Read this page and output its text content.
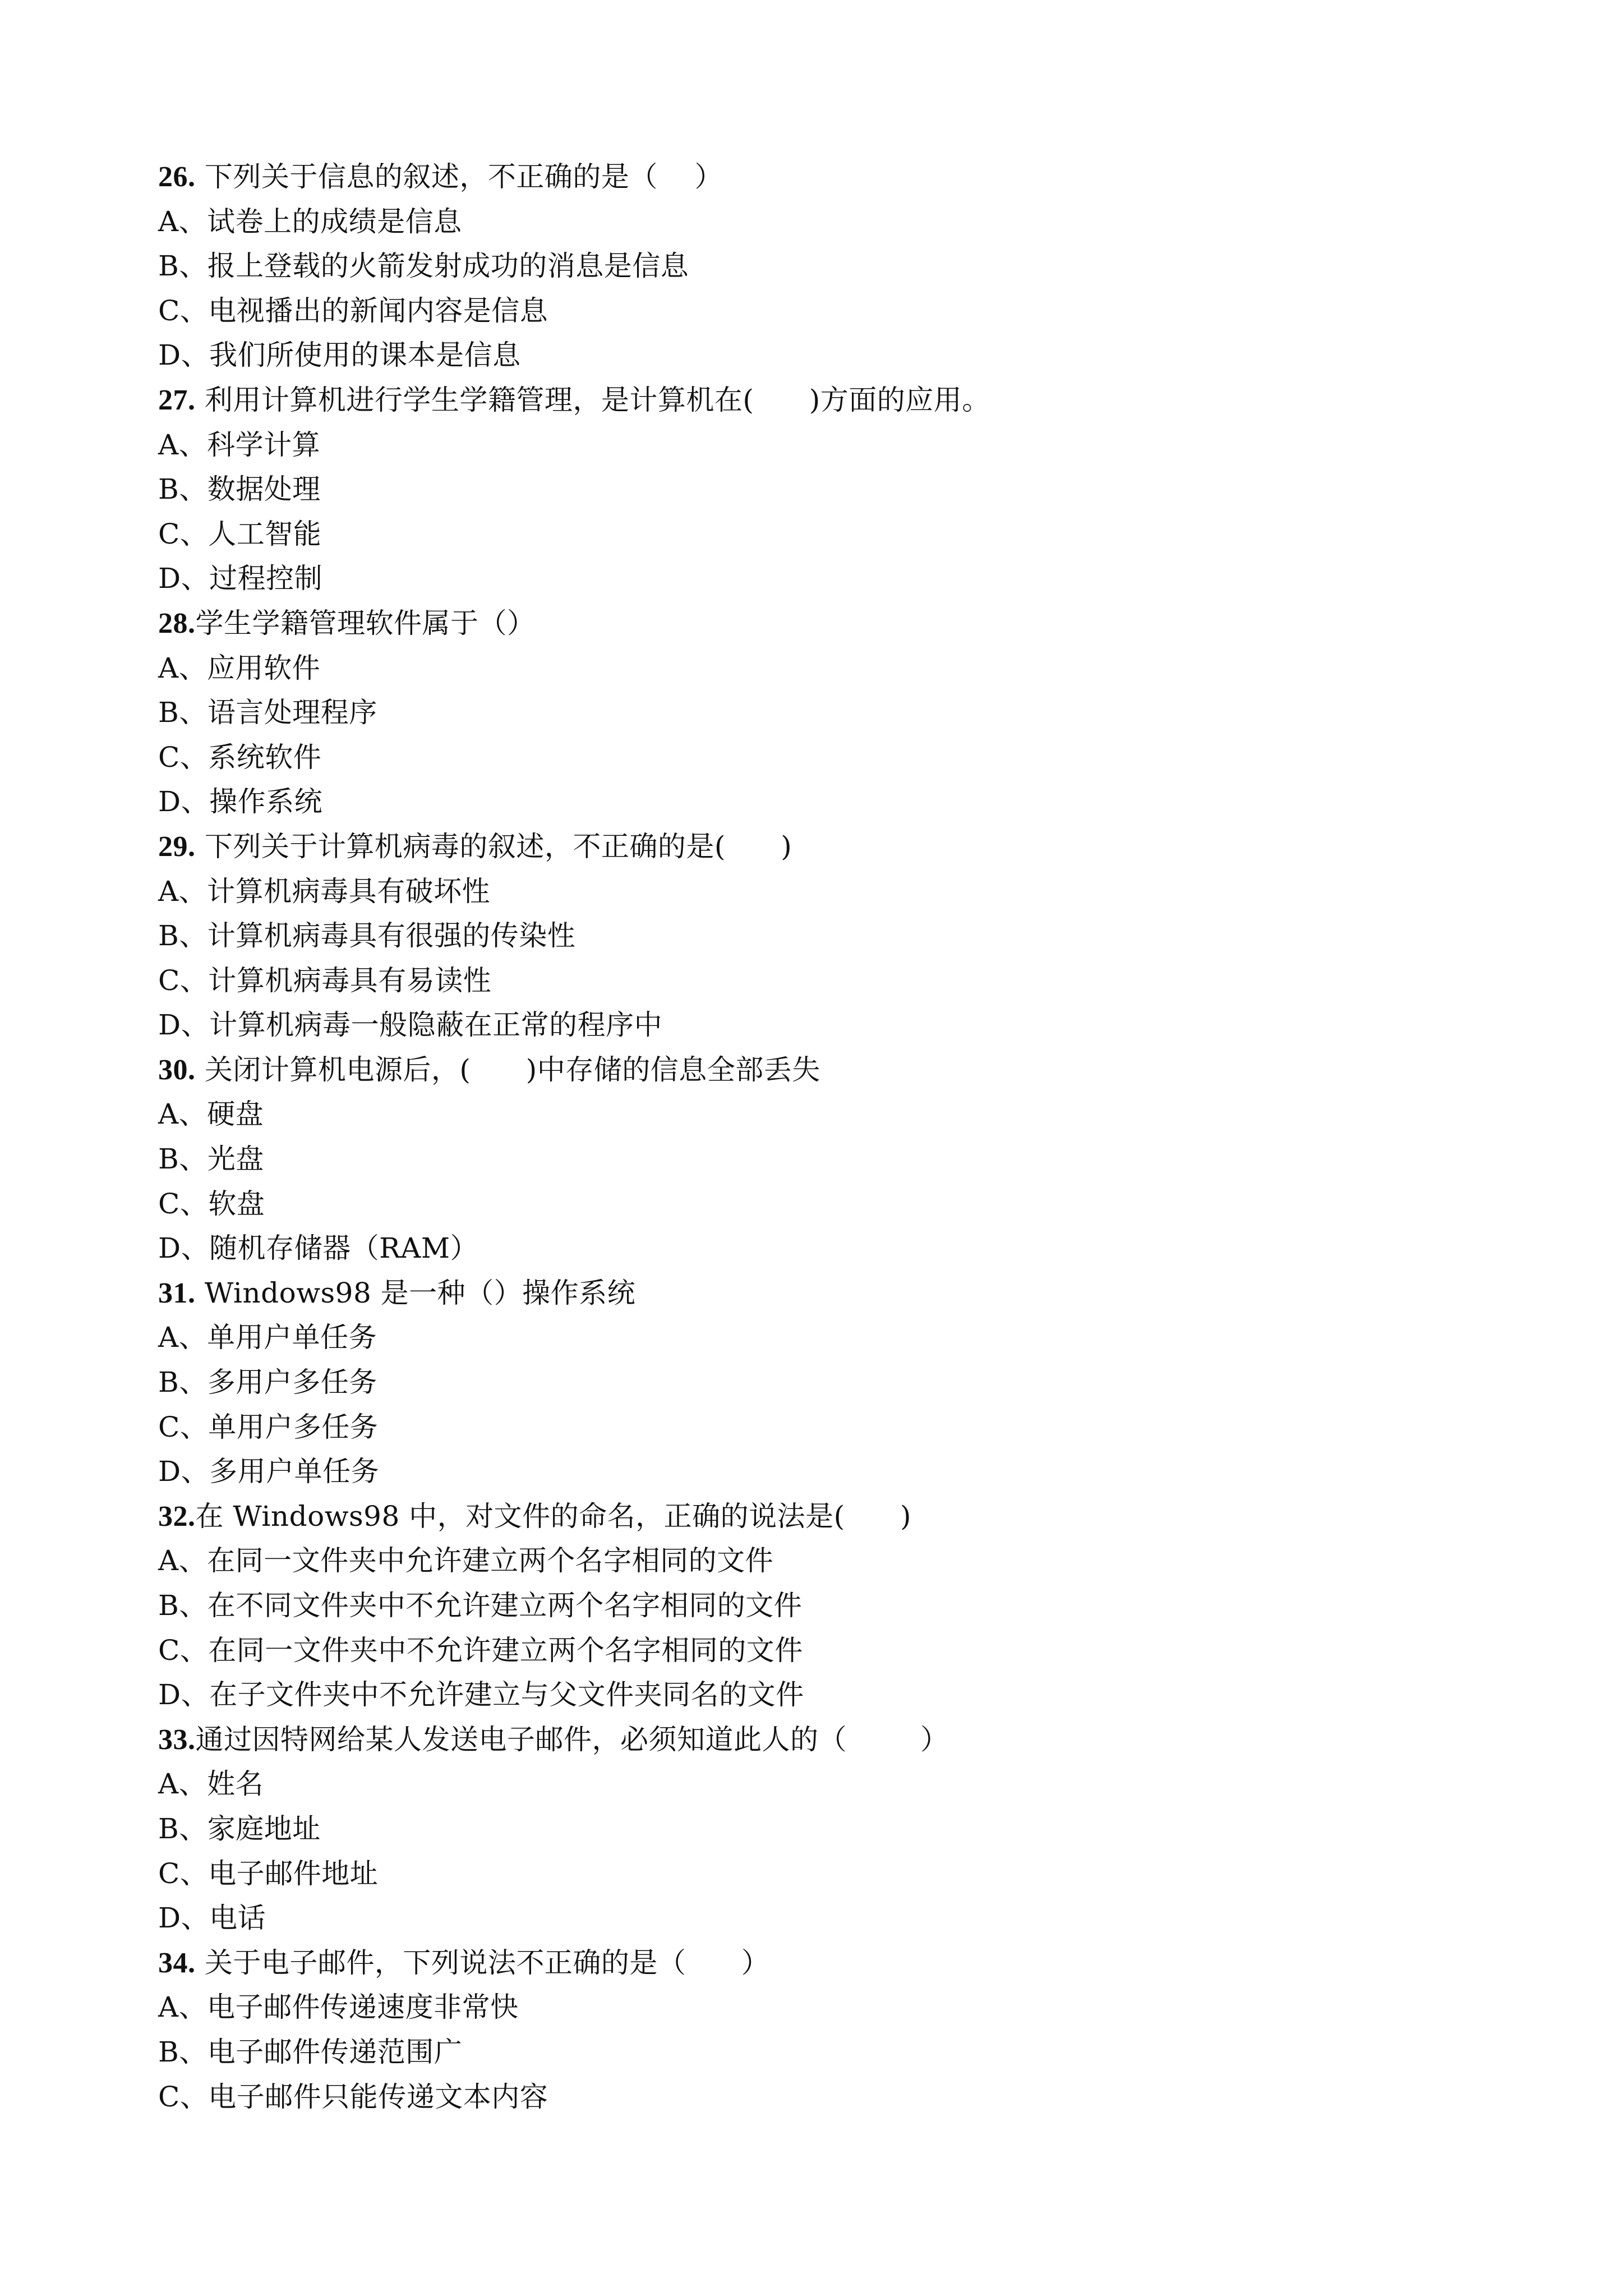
26. 下列关于信息的叙述，不正确的是（    ）
A、试卷上的成绩是信息
B、报上登载的火箭发射成功的消息是信息
C、电视播出的新闻内容是信息
D、我们所使用的课本是信息
27. 利用计算机进行学生学籍管理，是计算机在(      )方面的应用。
A、科学计算
B、数据处理
C、人工智能
D、过程控制
28.学生学籍管理软件属于（）
A、应用软件
B、语言处理程序
C、系统软件
D、操作系统
29. 下列关于计算机病毒的叙述，不正确的是(      )
A、计算机病毒具有破坏性
B、计算机病毒具有很强的传染性
C、计算机病毒具有易读性
D、计算机病毒一般隐蔽在正常的程序中
30. 关闭计算机电源后，(      )中存储的信息全部丢失
A、硬盘
B、光盘
C、软盘
D、随机存储器（RAM）
31. Windows98 是一种（）操作系统
A、单用户单任务
B、多用户多任务
C、单用户多任务
D、多用户单任务
32.在 Windows98 中，对文件的命名，正确的说法是(      )
A、在同一文件夹中允许建立两个名字相同的文件
B、在不同文件夹中不允许建立两个名字相同的文件
C、在同一文件夹中不允许建立两个名字相同的文件
D、在子文件夹中不允许建立与父文件夹同名的文件
33.通过因特网给某人发送电子邮件，必须知道此人的（        ）
A、姓名
B、家庭地址
C、电子邮件地址
D、电话
34. 关于电子邮件，下列说法不正确的是（      ）
A、电子邮件传递速度非常快
B、电子邮件传递范围广
C、电子邮件只能传递文本内容
